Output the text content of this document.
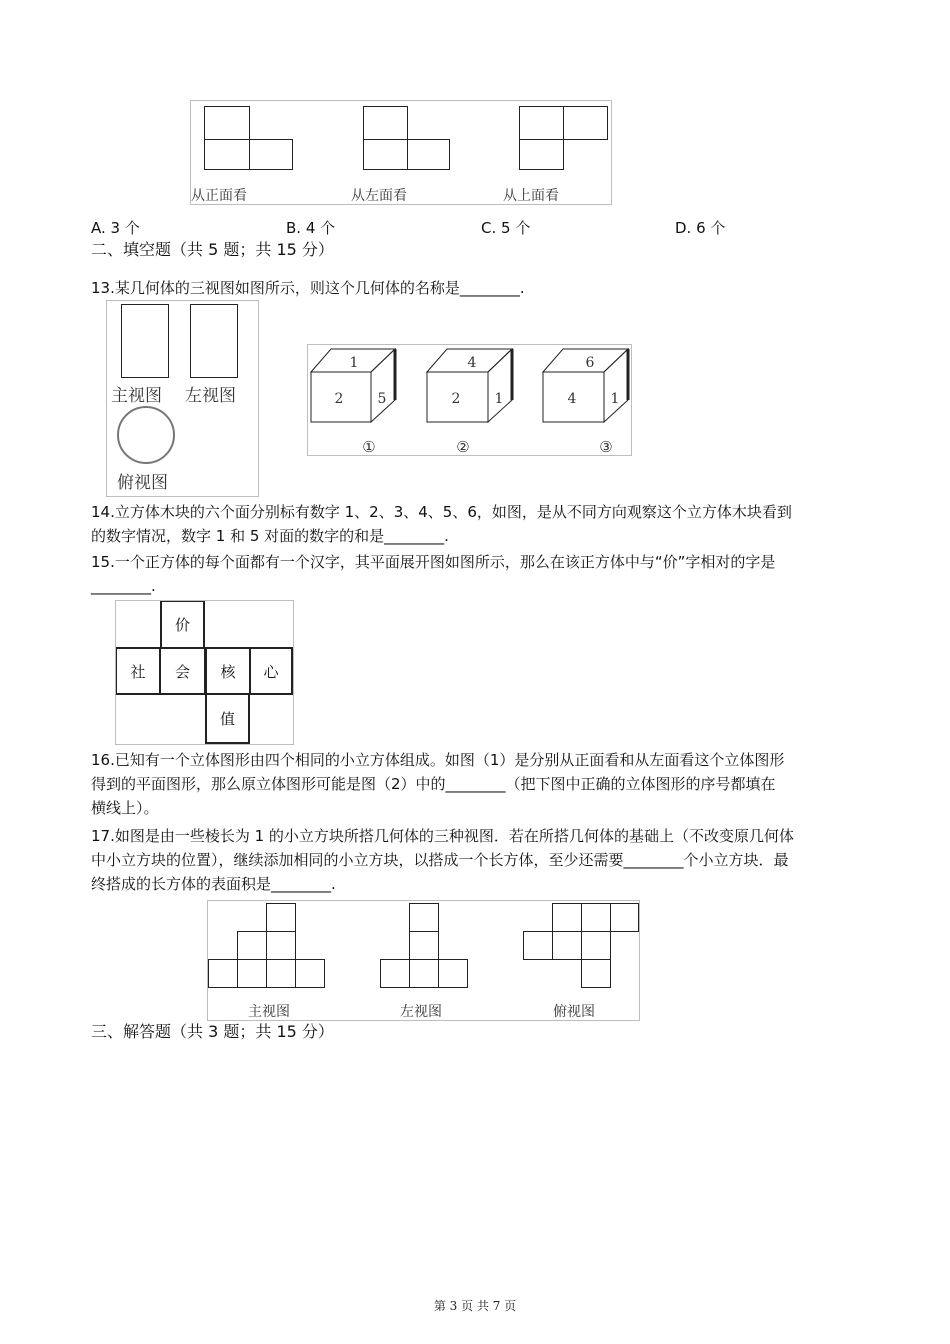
从正面看	从左面看	从上面看
A. 3 个	B. 4 个	C. 5 个	D. 6 个
二、填空题（共 5 题；共 15 分）
13.某几何体的三视图如图所示，则这个几何体的名称是________.
主视图 左视图
俯视图
1
2 5
①
4
2 1
②
6
4 1
③
14.立方体木块的六个面分别标有数字 1、2、3、4、5、6，如图，是从不同方向观察这个立方体木块看到
的数字情况，数字 1 和 5 对面的数字的和是________.
15.一个正方体的每个面都有一个汉字，其平面展开图如图所示，那么在该正方体中与“价”字相对的字是
________.
价
社 会 核 心
值
16.已知有一个立体图形由四个相同的小立方体组成。如图（1）是分别从正面看和从左面看这个立体图形
得到的平面图形，那么原立体图形可能是图（2）中的________（把下图中正确的立体图形的序号都填在
横线上）。
17.如图是由一些棱长为 1 的小立方块所搭几何体的三种视图．若在所搭几何体的基础上（不改变原几何体
中小立方块的位置），继续添加相同的小立方块，以搭成一个长方体，至少还需要________个小立方块．最
终搭成的长方体的表面积是________.
主视图	左视图	俯视图
三、解答题（共 3 题；共 15 分）
第 3 页 共 7 页
